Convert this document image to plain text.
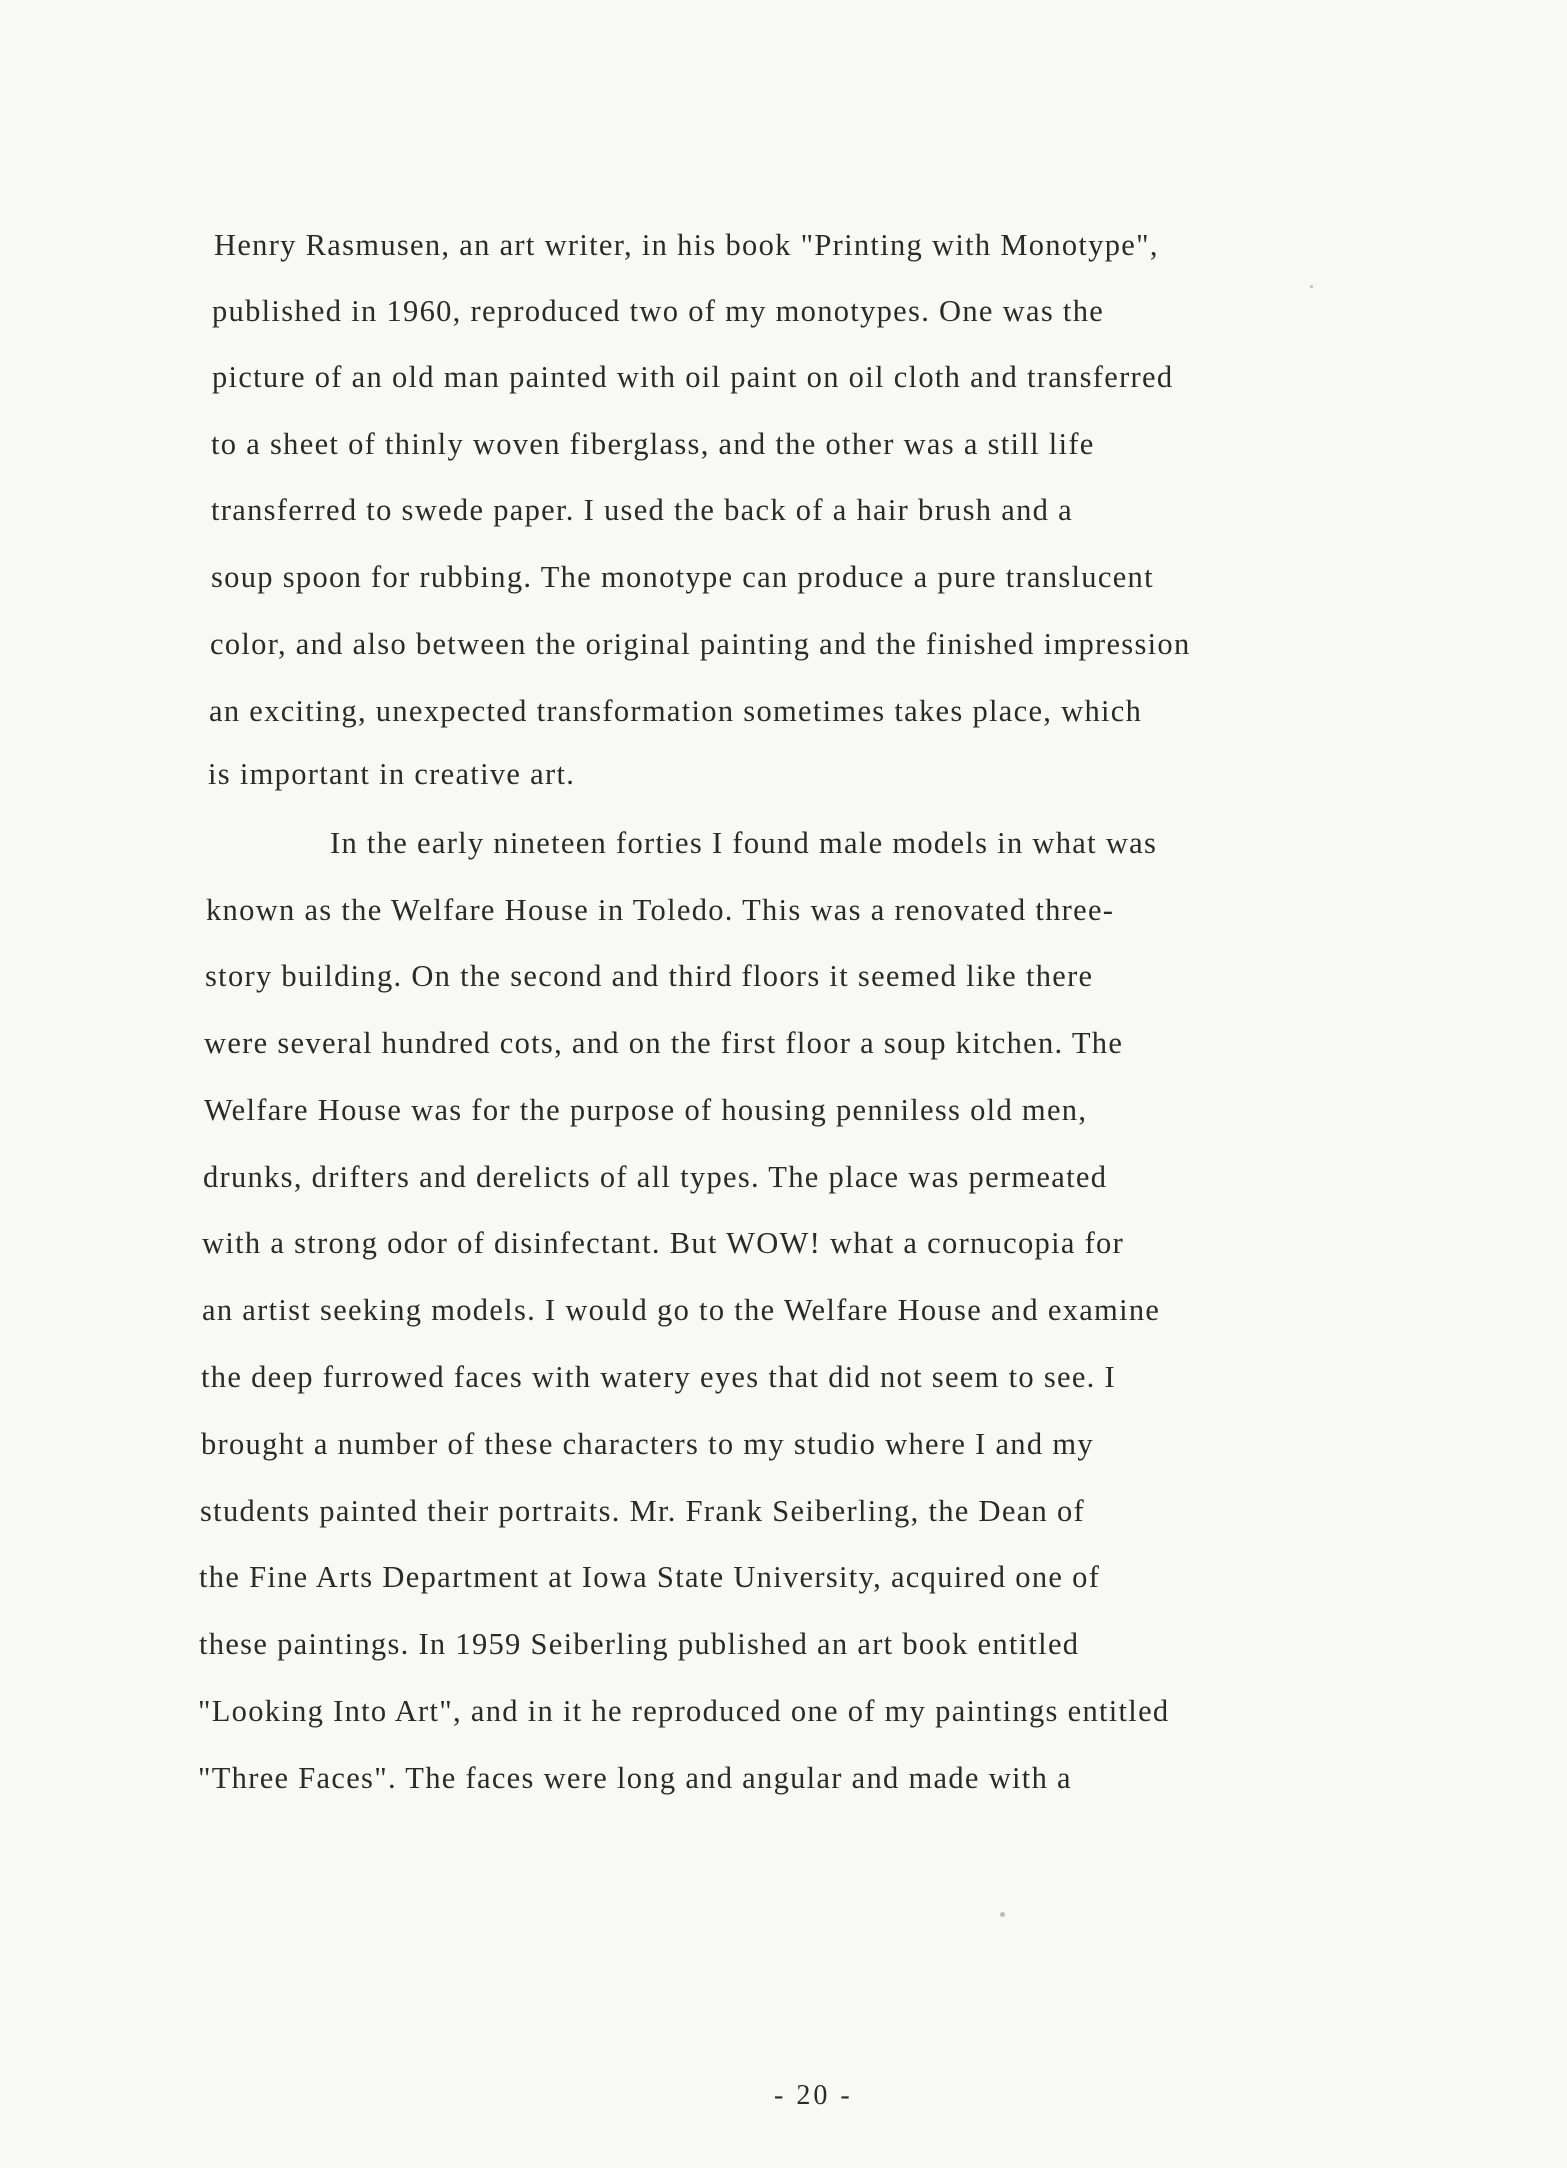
Henry Rasmusen, an art writer, in his book "Printing with Monotype",
published in 1960, reproduced two of my monotypes. One was the
picture of an old man painted with oil paint on oil cloth and transferred
to a sheet of thinly woven fiberglass, and the other was a still life
transferred to swede paper. I used the back of a hair brush and a
soup spoon for rubbing. The monotype can produce a pure translucent
color, and also between the original painting and the finished impression
an exciting, unexpected transformation sometimes takes place, which
is important in creative art.
In the early nineteen forties I found male models in what was
known as the Welfare House in Toledo. This was a renovated three-
story building. On the second and third floors it seemed like there
were several hundred cots, and on the first floor a soup kitchen. The
Welfare House was for the purpose of housing penniless old men,
drunks, drifters and derelicts of all types. The place was permeated
with a strong odor of disinfectant. But WOW! what a cornucopia for
an artist seeking models. I would go to the Welfare House and examine
the deep furrowed faces with watery eyes that did not seem to see. I
brought a number of these characters to my studio where I and my
students painted their portraits. Mr. Frank Seiberling, the Dean of
the Fine Arts Department at Iowa State University, acquired one of
these paintings. In 1959 Seiberling published an art book entitled
"Looking Into Art", and in it he reproduced one of my paintings entitled
"Three Faces". The faces were long and angular and made with a
- 20 -
